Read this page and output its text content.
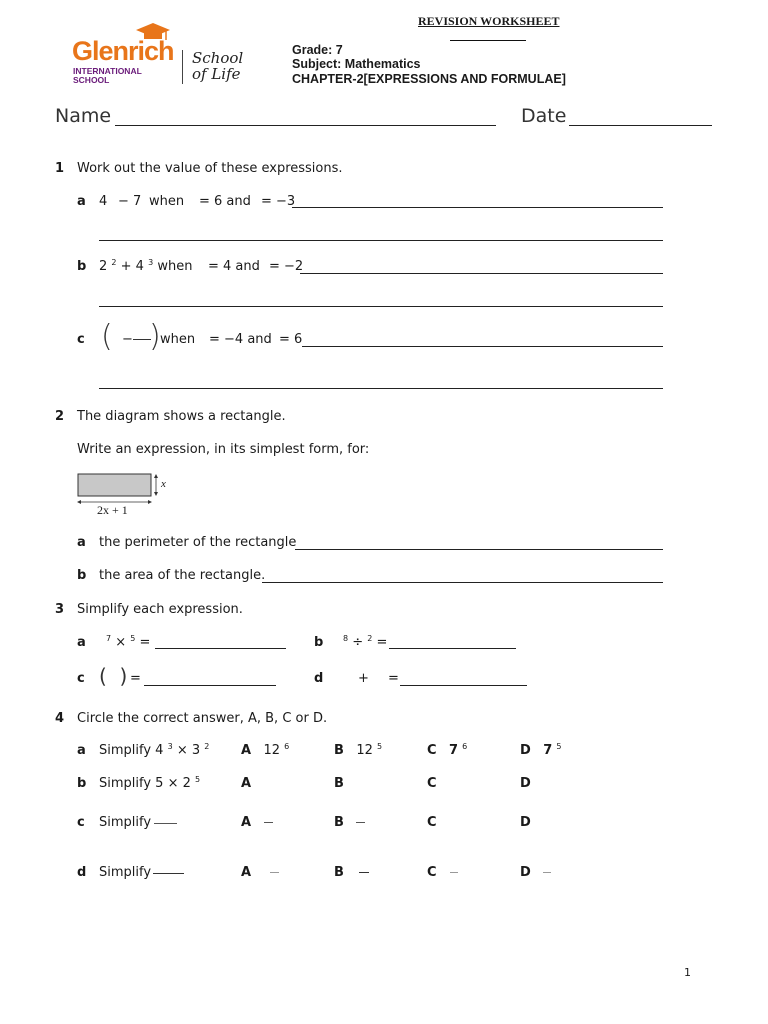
REVISION WORKSHEET
Glenrich
INTERNATIONAL
SCHOOL
School
of Life
Grade: 7
Subject: Mathematics
CHAPTER-2[EXPRESSIONS AND FORMULAE]
Name	Date
1 Work out the value of these expressions.
a 4 − 7 when = 6 and = −3
b 2 $^2$ + 4 $^3$ when = 4 and = −2
c ( − ) when = −4 and = 6
2 The diagram shows a rectangle.
Write an expression, in its simplest form, for:
x
2x + 1
a the perimeter of the rectangle
b the area of the rectangle.
3 Simplify each expression.
a	$^7$ × $^5$ =	b $^8$ ÷ $^2$ =
c (  ) =	d	+ =
4 Circle the correct answer, A, B, C or D.
a Simplify 4 $^3$ × 3 $^2$ A 12 $^6$	B 12 $^5$	C 7 $^6$	D 7 $^5$
b Simplify 5 × 2 $^5$	A	B	C	D
c Simplify	A	B	C	D
d Simplify	A	B	C	D
1
